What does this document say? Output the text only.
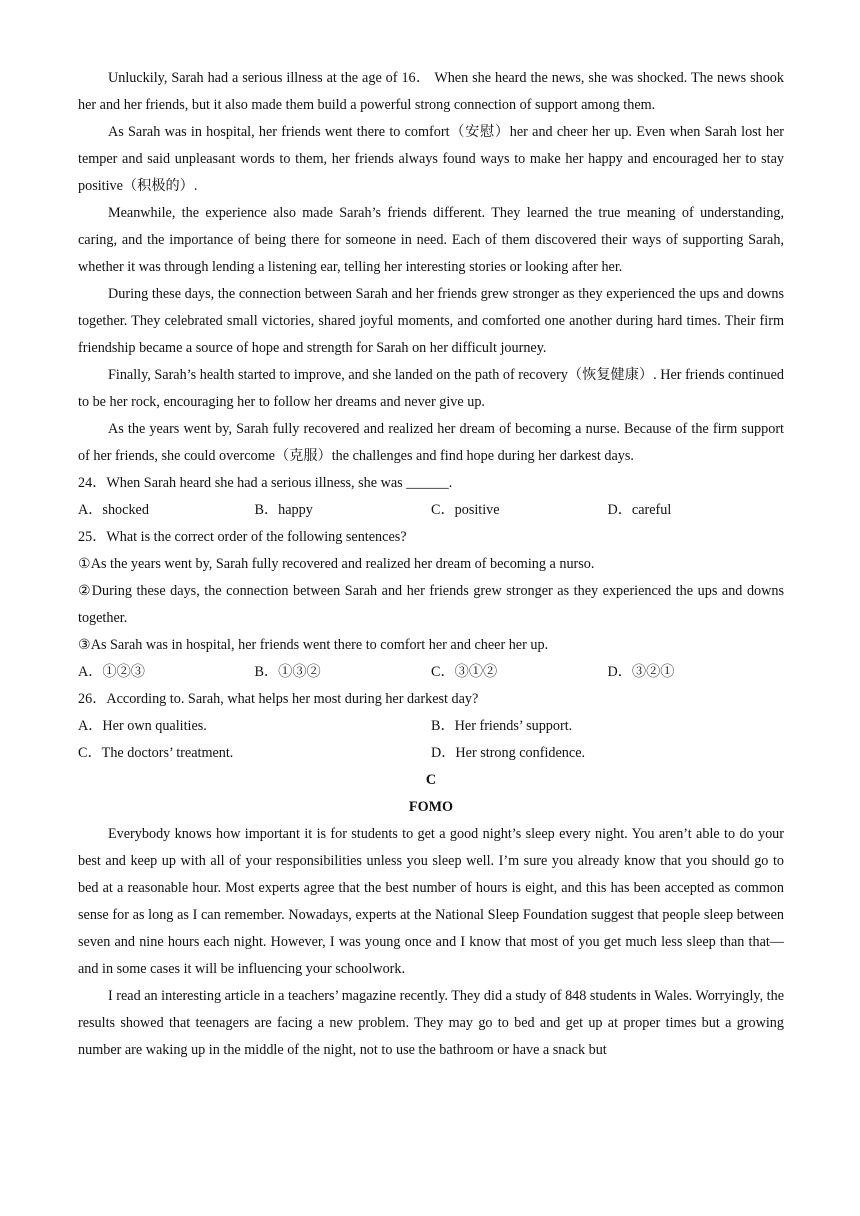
Unluckily, Sarah had a serious illness at the age of 16． When she heard the news, she was shocked. The news shook her and her friends, but it also made them build a powerful strong connection of support among them.

As Sarah was in hospital, her friends went there to comfort（安慰）her and cheer her up. Even when Sarah lost her temper and said unpleasant words to them, her friends always found ways to make her happy and encouraged her to stay positive（积极的）.

Meanwhile, the experience also made Sarah’s friends different. They learned the true meaning of understanding, caring, and the importance of being there for someone in need. Each of them discovered their ways of supporting Sarah, whether it was through lending a listening ear, telling her interesting stories or looking after her.

During these days, the connection between Sarah and her friends grew stronger as they experienced the ups and downs together. They celebrated small victories, shared joyful moments, and comforted one another during hard times. Their firm friendship became a source of hope and strength for Sarah on her difficult journey.

Finally, Sarah’s health started to improve, and she landed on the path of recovery（恢复健康）. Her friends continued to be her rock, encouraging her to follow her dreams and never give up.

As the years went by, Sarah fully recovered and realized her dream of becoming a nurse. Because of the firm support of her friends, she could overcome（克服）the challenges and find hope during her darkest days.

24．When Sarah heard she had a serious illness, she was ______.

A．shocked	B．happy	C．positive	D．careful

25．What is the correct order of the following sentences?

①As the years went by, Sarah fully recovered and realized her dream of becoming a nurso.

②During these days, the connection between Sarah and her friends grew stronger as they experienced the ups and downs together.

③As Sarah was in hospital, her friends went there to comfort her and cheer her up.

A．①②③	B．①③②	C．③①②	D．③②①

26．According to. Sarah, what helps her most during her darkest day?

A．Her own qualities.	B．Her friends’ support.
C．The doctors’ treatment.	D．Her strong confidence.
C
FOMO

Everybody knows how important it is for students to get a good night’s sleep every night. You aren’t able to do your best and keep up with all of your responsibilities unless you sleep well. I’m sure you already know that you should go to bed at a reasonable hour. Most experts agree that the best number of hours is eight, and this has been accepted as common sense for as long as I can remember. Nowadays, experts at the National Sleep Foundation suggest that people sleep between seven and nine hours each night. However, I was young once and I know that most of you get much less sleep than that—and in some cases it will be influencing your schoolwork.

I read an interesting article in a teachers’ magazine recently. They did a study of 848 students in Wales. Worryingly, the results showed that teenagers are facing a new problem. They may go to bed and get up at proper times but a growing number are waking up in the middle of the night, not to use the bathroom or have a snack but
